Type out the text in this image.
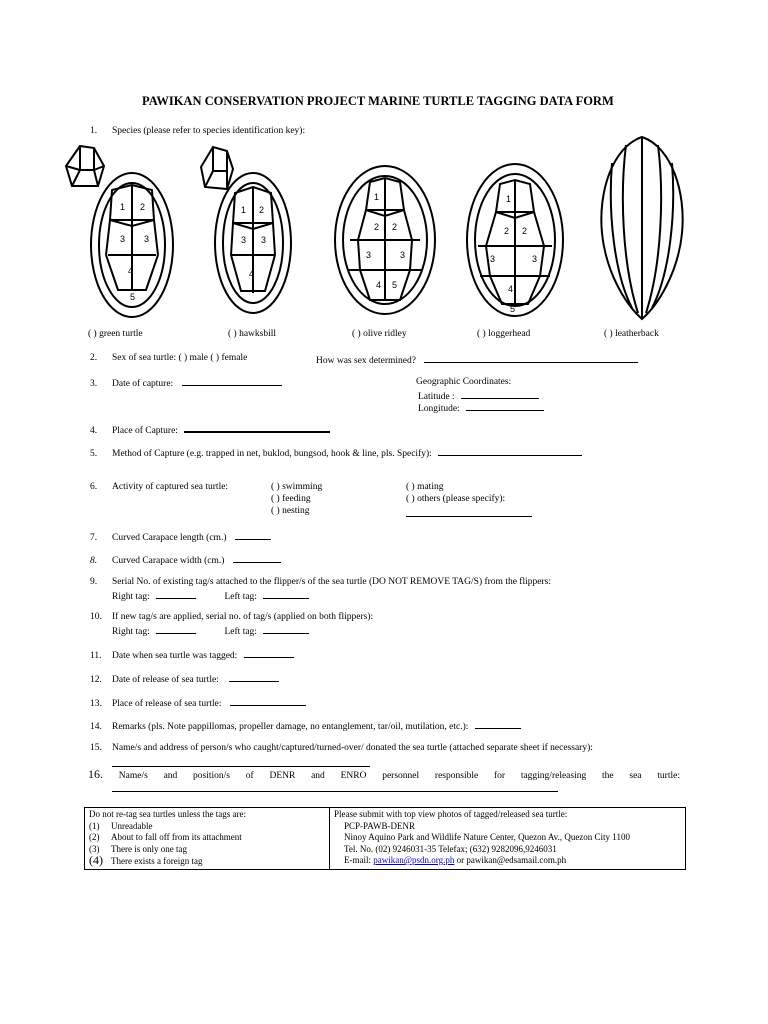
PAWIKAN CONSERVATION PROJECT MARINE TURTLE TAGGING DATA FORM
1. Species (please refer to species identification key):
1 2
3 3
4
5
1 2
3 3
4
1
2 2
3	3
4 5
1
2 2
3	3
4
5
( ) green turtle	( ) hawksbill	( ) olive ridley	( ) loggerhead	( ) leatherback
2. Sex of sea turtle: ( ) male ( ) female	How was sex determined?
3. Date of capture:	Geographic Coordinates:
Latitude :
Longitude:
4. Place of Capture:
5. Method of Capture (e.g. trapped in net, buklod, bungsod, hook & line, pls. Specify):
6. Activity of captured sea turtle:	( ) swimming
( ) feeding
( ) nesting
( ) mating
( ) others (please specify):
7. Curved Carapace length (cm.)
8. Curved Carapace width (cm.)
9. Serial No. of existing tag/s attached to the flipper/s of the sea turtle (DO NOT REMOVE TAG/S) from the flippers:
Right tag:	Left tag:
10. If new tag/s are applied, serial no. of tag/s (applied on both flippers):
Right tag:	Left tag:
11. Date when sea turtle was tagged:
12. Date of release of sea turtle:
13. Place of release of sea turtle:
14. Remarks (pls. Note pappillomas, propeller damage, no entanglement, tar/oil, mutilation, etc.):
15. Name/s and address of person/s who caught/captured/turned-over/ donated the sea turtle (attached separate sheet if necessary):
16. Name/s and position/s of DENR and ENRO personnel responsible for tagging/releasing the sea turtle:
Do not re-tag sea turtles unless the tags are:
(1) Unreadable
(2) About to fall off from its attachment
(3) There is only one tag
(4) There exists a foreign tag

Please submit with top view photos of tagged/released sea turtle:
PCP-PAWB-DENR
Ninoy Aquino Park and Wildlife Nature Center, Quezon Av., Quezon City 1100
Tel. No. (02) 9246031-35 Telefax; (632) 9282096,9246031
E-mail: pawikan@psdn.org.ph or pawikan@edsamail.com.ph
